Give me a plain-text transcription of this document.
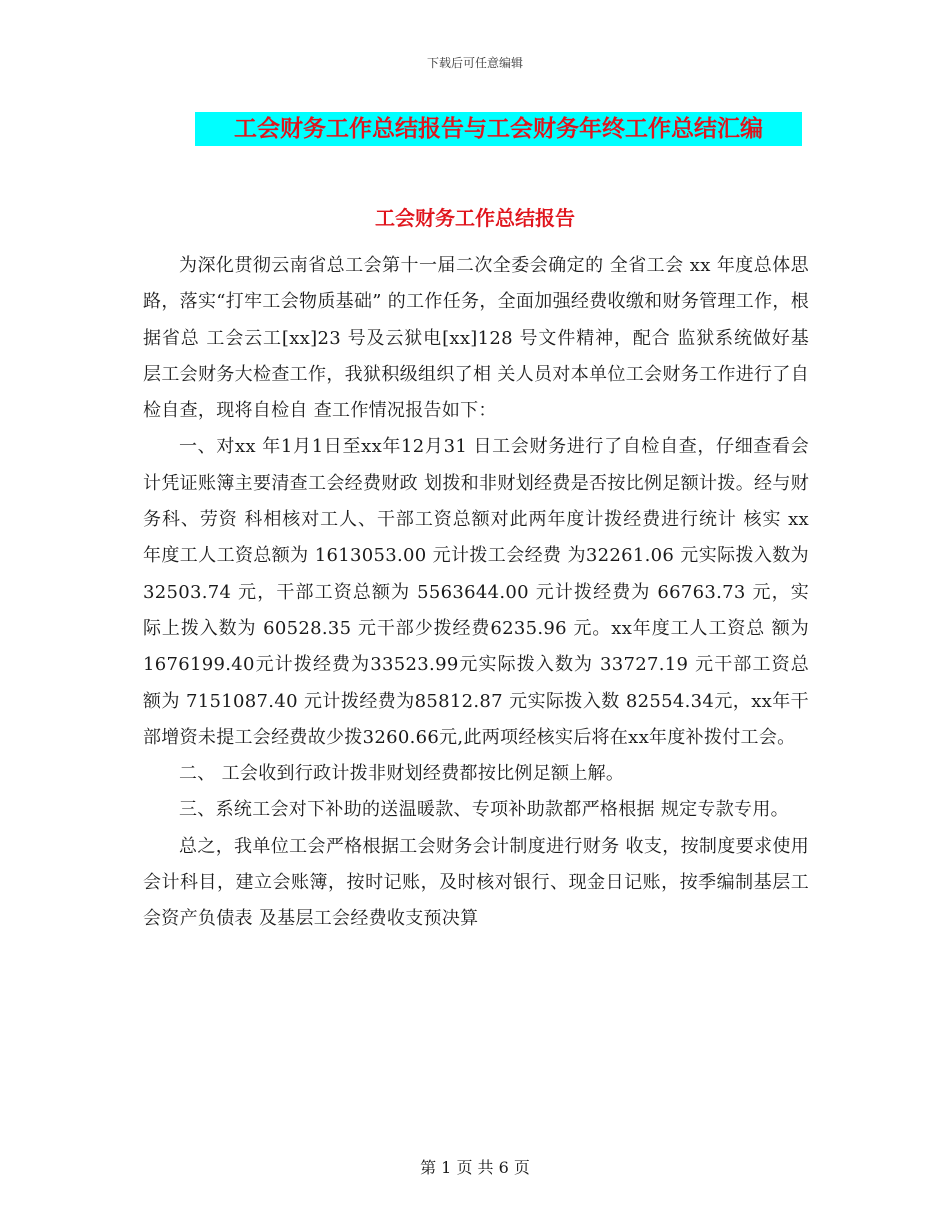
下载后可任意编辑
工会财务工作总结报告与工会财务年终工作总结汇编
工会财务工作总结报告

为深化贯彻云南省总工会第十一届二次全委会确定的 全省工会 xx 年度总体思路，落实“打牢工会物质基础” 的工作任务，全面加强经费收缴和财务管理工作，根据省总 工会云工[xx]23 号及云狱电[xx]128 号文件精神，配合 监狱系统做好基层工会财务大检查工作，我狱积级组织了相 关人员对本单位工会财务工作进行了自检自查，现将自检自 查工作情况报告如下：

一、对xx 年1月1日至xx年12月31 日工会财务进行了自检自查，仔细查看会计凭证账簿主要清查工会经费财政 划拨和非财划经费是否按比例足额计拨。经与财务科、劳资 科相核对工人、干部工资总额对此两年度计拨经费进行统计 核实 xx 年度工人工资总额为 1613053.00 元计拨工会经费 为32261.06 元实际拨入数为 32503.74 元，干部工资总额为 5563644.00 元计拨经费为 66763.73 元，实际上拨入数为 60528.35 元干部少拨经费6235.96 元。xx年度工人工资总 额为 1676199.40元计拨经费为33523.99元实际拨入数为 33727.19 元干部工资总额为 7151087.40 元计拨经费为85812.87 元实际拨入数 82554.34元，xx年干部增资未提工会经费故少拨3260.66元,此两项经核实后将在xx年度补拨付工会。

二、 工会收到行政计拨非财划经费都按比例足额上解。

三、系统工会对下补助的送温暖款、专项补助款都严格根据 规定专款专用。

总之，我单位工会严格根据工会财务会计制度进行财务 收支，按制度要求使用会计科目，建立会账簿，按时记账，及时核对银行、现金日记账，按季编制基层工会资产负债表 及基层工会经费收支预决算

第 1 页 共 6 页
